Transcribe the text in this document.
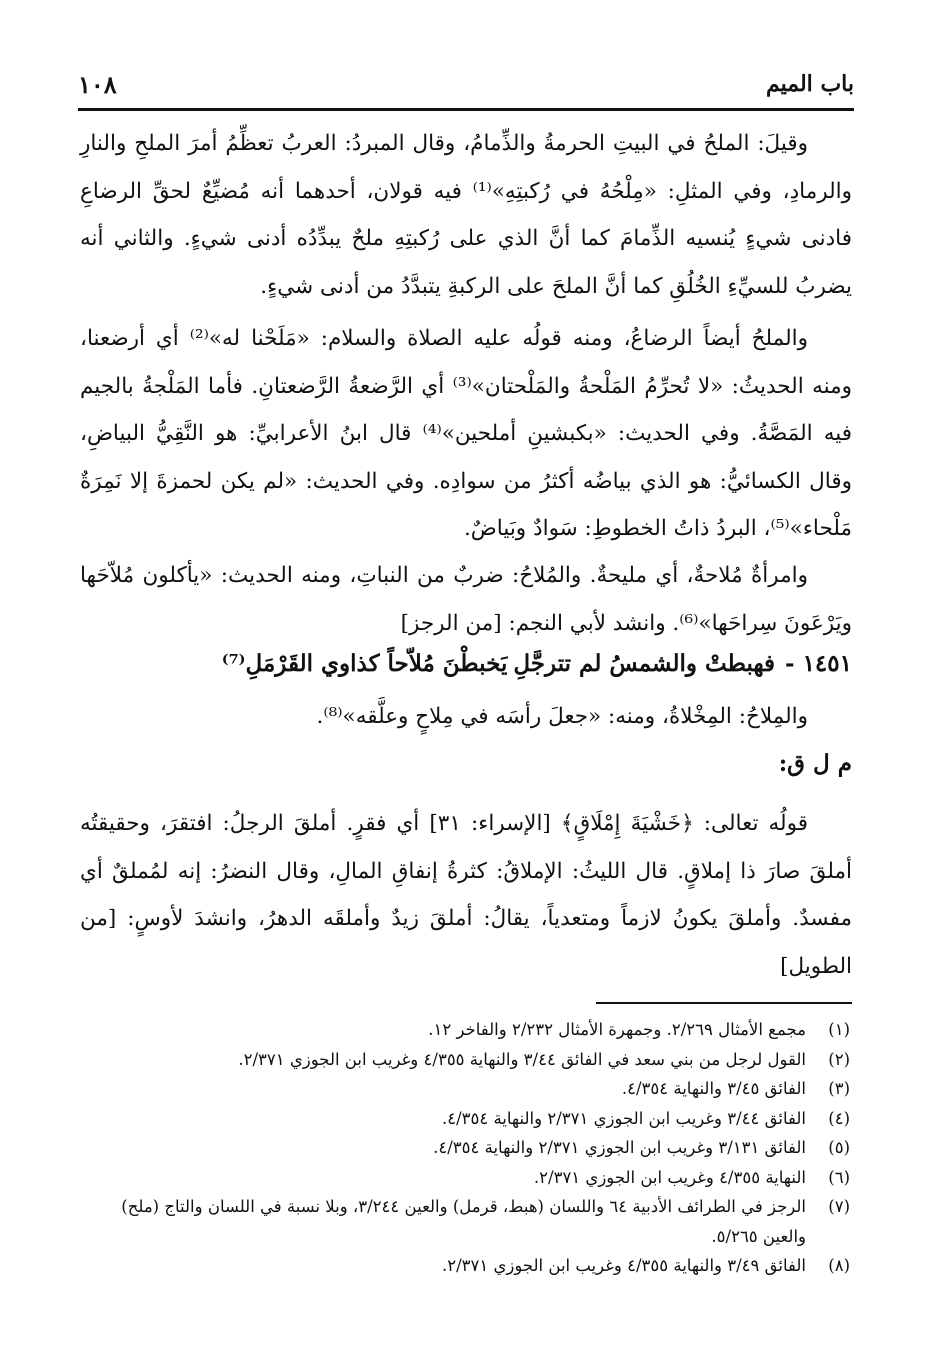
باب الميم
١٠٨

وقيلَ: الملحُ في البيتِ الحرمةُ والذِّمامُ، وقال المبردُ: العربُ تعظِّمُ أمرَ الملحِ والنارِ والرمادِ، وفي المثلِ: «مِلْحُهُ في رُكبتِهِ»⁽¹⁾ فيه قولان، أحدهما أنه مُضيِّعٌ لحقِّ الرضاعِ فادنى شيءٍ يُنسيه الذِّمامَ كما أنَّ الذي على رُكبتِهِ ملحٌ يبدِّدُه أدنى شيءٍ. والثاني أنه يضربُ للسيِّءِ الخُلُقِ كما أنَّ الملحَ على الركبةِ يتبدَّدُ من أدنى شيءٍ.

والملحُ أيضاً الرضاعُ، ومنه قولُه عليه الصلاة والسلام: «مَلَحْنا له»⁽²⁾ أي أرضعنا، ومنه الحديثُ: «لا تُحرِّمُ المَلْحةُ والمَلْحتان»⁽³⁾ أي الرَّضعةُ الرَّضعتانِ. فأما المَلْجةُ بالجيم فيه المَصَّةُ. وفي الحديث: «بكبشينِ أملحين»⁽⁴⁾ قال ابنُ الأعرابيِّ: هو النَّقِيُّ البياضِ، وقال الكسائيُّ: هو الذي بياضُه أكثرُ من سوادِه. وفي الحديث: «لم يكن لحمزةَ إلا نَمِرَةٌ مَلْحاء»⁽⁵⁾، البردُ ذاتُ الخطوطِ: سَوادٌ وبَياضٌ.

وامرأةٌ مُلاحةٌ، أي مليحةٌ. والمُلاحُ: ضربٌ من النباتِ، ومنه الحديث: «يأكلون مُلاّحَها ويَرْعَونَ سِراحَها»⁽⁶⁾. وانشد لأبي النجم: [من الرجز]

١٤٥١ -
فهبطتْ والشمسُ لم تترجَّلِ
يَخبطْنَ مُلاّحاً كذاوي القَرْمَلِ⁽⁷⁾

والمِلاحُ: المِخْلاةُ، ومنه: «جعلَ رأسَه في مِلاحٍ وعلَّقه»⁽⁸⁾.

م ل ق:

قولُه تعالى: ﴿خَشْيَةَ إِمْلَاقٍ﴾ [الإسراء: ٣١] أي فقرٍ. أملقَ الرجلُ: افتقرَ، وحقيقتُه أملقَ صارَ ذا إملاقٍ. قال الليثُ: الإملاقُ: كثرةُ إنفاقِ المالِ، وقال النضرُ: إنه لمُملقٌ أي مفسدٌ. وأملقَ يكونُ لازماً ومتعدياً، يقالُ: أملقَ زيدٌ وأملقَه الدهرُ، وانشدَ لأوسٍ: [من الطويل]

(١)
مجمع الأمثال ٢/٢٦٩. وجمهرة الأمثال ٢/٢٣٢ والفاخر ١٢.
(٢)
القول لرجل من بني سعد في الفائق ٣/٤٤ والنهاية ٤/٣٥٥ وغريب ابن الجوزي ٢/٣٧١.
(٣)
الفائق ٣/٤٥ والنهاية ٤/٣٥٤.
(٤)
الفائق ٣/٤٤ وغريب ابن الجوزي ٢/٣٧١ والنهاية ٤/٣٥٤.
(٥)
الفائق ٣/١٣١ وغريب ابن الجوزي ٢/٣٧١ والنهاية ٤/٣٥٤.
(٦)
النهاية ٤/٣٥٥ وغريب ابن الجوزي ٢/٣٧١.
(٧)
الرجز في الطرائف الأدبية ٦٤ واللسان (هبط، قرمل) والعين ٣/٢٤٤، وبلا نسبة في اللسان والتاج (ملح) والعين ٥/٢٦٥.
(٨)
الفائق ٣/٤٩ والنهاية ٤/٣٥٥ وغريب ابن الجوزي ٢/٣٧١.
